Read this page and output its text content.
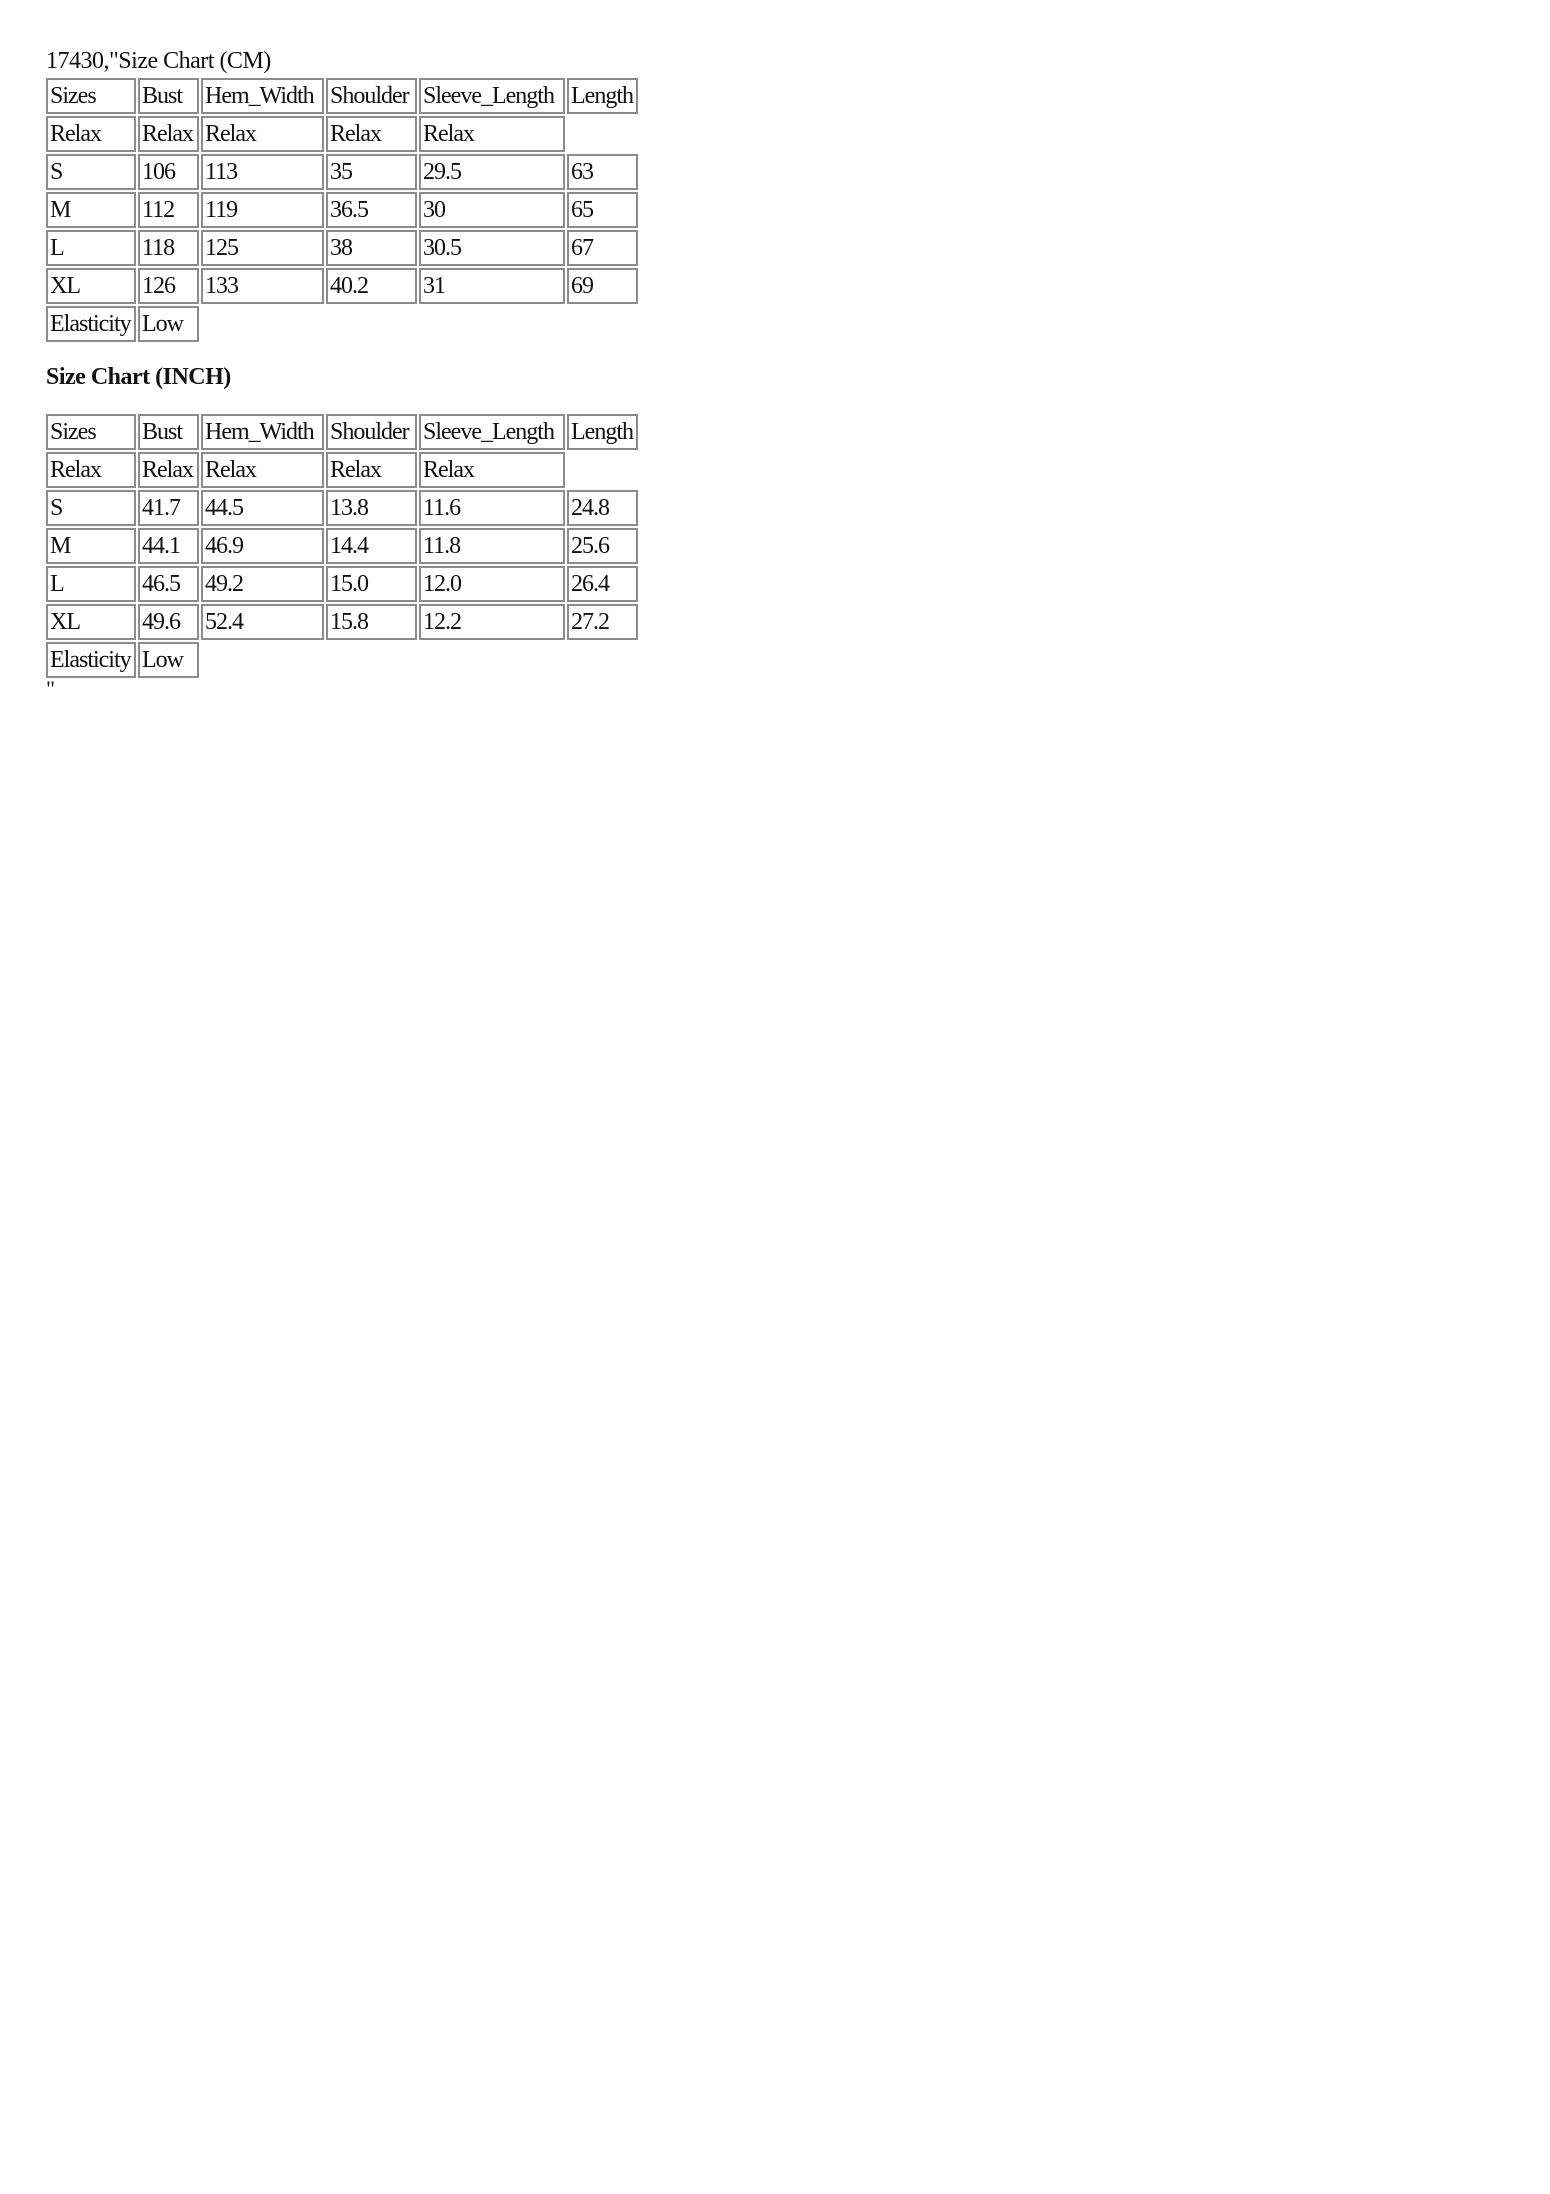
17430,"Size Chart (CM)
Sizes	Bust	Hem_Width	Shoulder	Sleeve_Length	Length
Relax	Relax	Relax	Relax	Relax	
S	106	113	35	29.5	63
M	112	119	36.5	30	65
L	118	125	38	30.5	67
XL	126	133	40.2	31	69
Elasticity	Low				
Size Chart (INCH)
Sizes	Bust	Hem_Width	Shoulder	Sleeve_Length	Length
Relax	Relax	Relax	Relax	Relax	
S	41.7	44.5	13.8	11.6	24.8
M	44.1	46.9	14.4	11.8	25.6
L	46.5	49.2	15.0	12.0	26.4
XL	49.6	52.4	15.8	12.2	27.2
Elasticity	Low				
"
